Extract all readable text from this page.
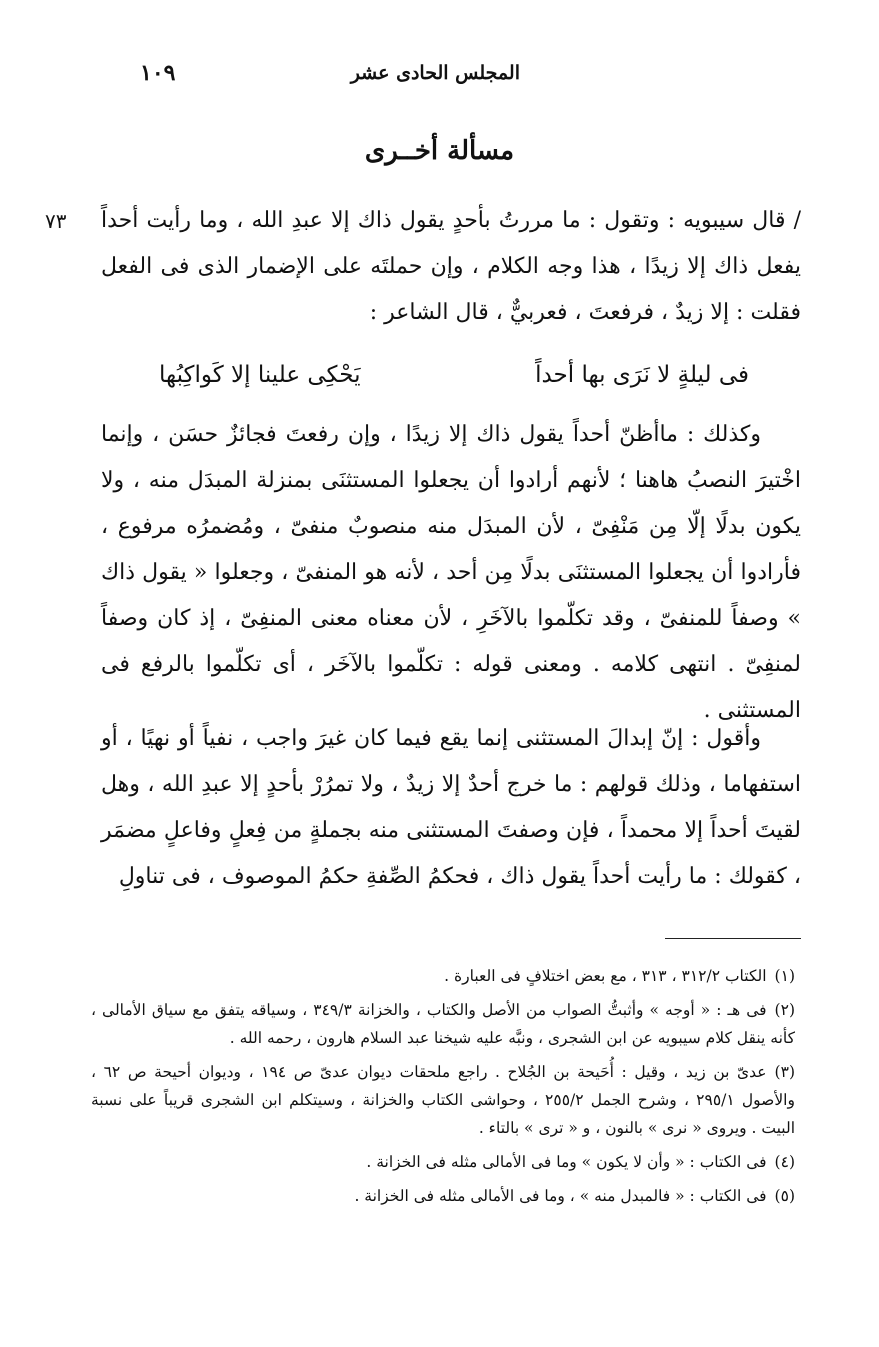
المجلس الحادى عشر
١٠٩
مسألة أخــرى
/ قال سيبويه : وتقول : ما مررتُ بأحدٍ يقول ذاك إلا عبدِ الله ، وما رأيت أحداً يفعل ذاك إلا زيدًا ، هذا وجه الكلام ، وإن حملتَه على الإضمار الذى فى الفعل فقلت : إلا زيدٌ ، فرفعتَ ، فعربيٌّ ، قال الشاعر :
٧٣
فى ليلةٍ لا نَرَى بها أحداً
يَحْكِى علينا إلا كَواكِبُها

وكذلك : ماأظنّ أحداً يقول ذاك إلا زيدًا ، وإن رفعتَ فجائزٌ حسَن ، وإنما اخْتيرَ النصبُ هاهنا ؛ لأنهم أرادوا أن يجعلوا المستثنَى بمنزلة المبدَل منه ، ولا يكون بدلًا إلّا مِن مَنْفِىّ ، لأن المبدَل منه منصوبٌ منفىّ ، ومُضمرُه مرفوع ، فأرادوا أن يجعلوا المستثنَى بدلًا مِن أحد ، لأنه هو المنفىّ ، وجعلوا « يقول ذاك » وصفاً للمنفىّ ، وقد تكلّموا بالآخَرِ ، لأن معناه معنى المنفِىّ ، إذ كان وصفاً لمنفِىّ . انتهى كلامه . ومعنى قوله : تكلّموا بالآخَر ، أى تكلّموا بالرفع فى المستثنى .

وأقول : إنّ إبدالَ المستثنى إنما يقع فيما كان غيرَ واجب ، نفياً أو نهيًا ، أو استفهاما ، وذلك قولهم : ما خرج أحدٌ إلا زيدٌ ، ولا تمرُرْ بأحدٍ إلا عبدِ الله ، وهل لقيتَ أحداً إلا محمداً ، فإن وصفتَ المستثنى منه بجملةٍ من فِعلٍ وفاعلٍ مضمَر ، كقولك : ما رأيت أحداً يقول ذاك ، فحكمُ الصِّفةِ حكمُ الموصوف ، فى تناولِ

(١)الكتاب ٣١٢/٢ ، ٣١٣ ، مع بعض اختلافٍ فى العبارة .

(٢)فى هـ : « أوجه » وأثبتُّ الصواب من الأصل والكتاب ، والخزانة ٣٤٩/٣ ، وسياقه يتفق مع سياق الأمالى ، كأنه ينقل كلام سيبويه عن ابن الشجرى ، ونبَّه عليه شيخنا عبد السلام هارون ، رحمه الله .

(٣)عدىّ بن زيد ، وقيل : أُحَيحة بن الجُلاح . راجع ملحقات ديوان عدىّ ص ١٩٤ ، وديوان أحيحة ص ٦٢ ، والأصول ٢٩٥/١ ، وشرح الجمل ٢٥٥/٢ ، وحواشى الكتاب والخزانة ، وسيتكلم ابن الشجرى قريباً على نسبة البيت . ويروى « نرى » بالنون ، و « ترى » بالتاء .

(٤)فى الكتاب : « وأن لا يكون » وما فى الأمالى مثله فى الخزانة .

(٥)فى الكتاب : « فالمبدل منه » ، وما فى الأمالى مثله فى الخزانة .
